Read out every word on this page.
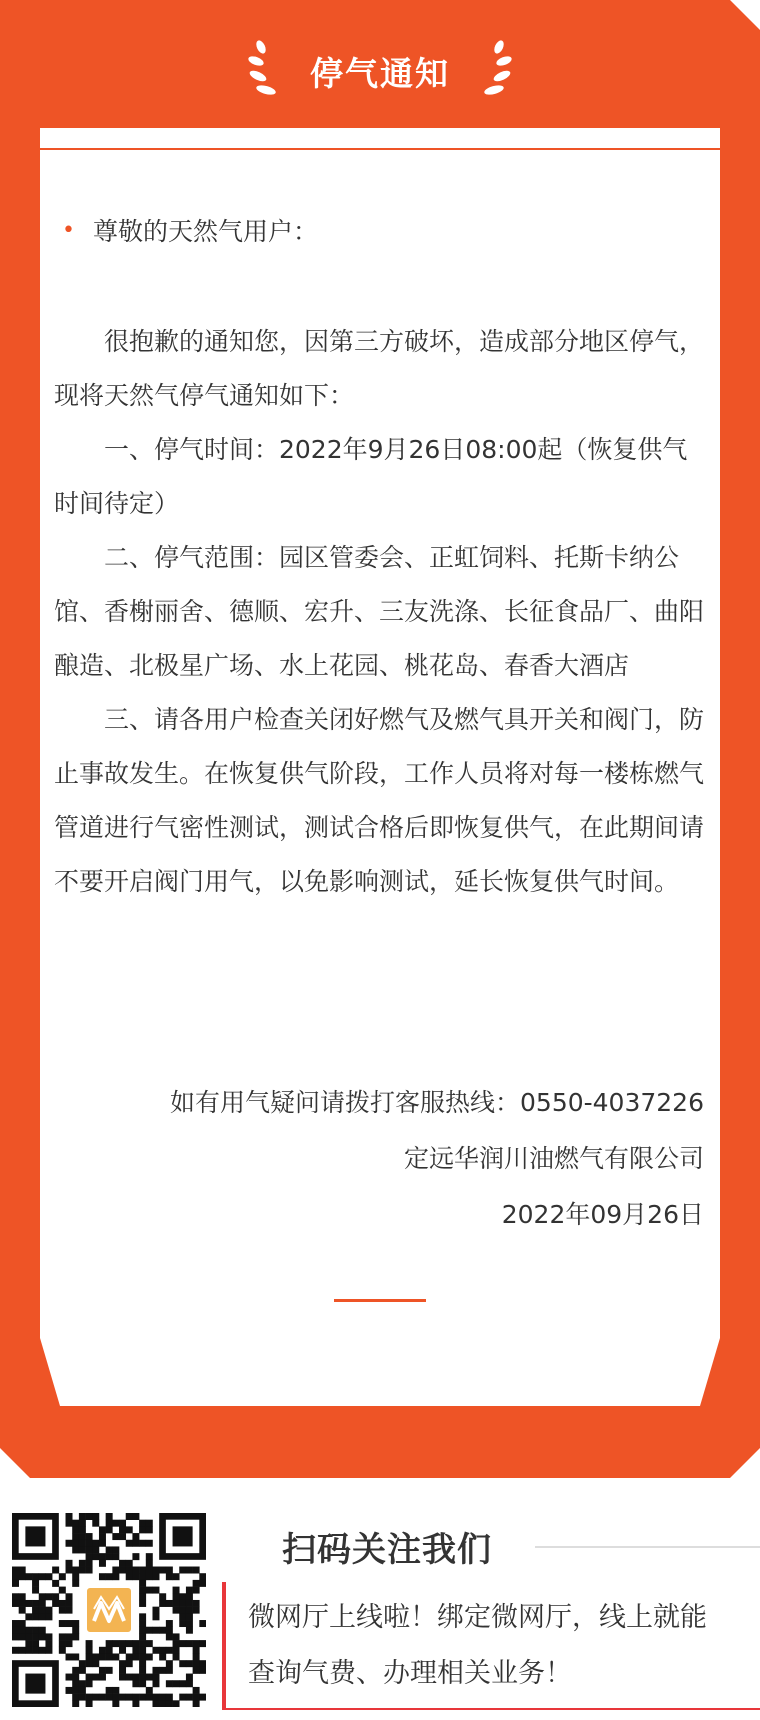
停气通知
• 尊敬的天然气用户：

很抱歉的通知您，因第三方破坏，造成部分地区停气，现将天然气停气通知如下：

一、停气时间：2022年9月26日08:00起（恢复供气时间待定）

二、停气范围：园区管委会、正虹饲料、托斯卡纳公馆、香榭丽舍、德顺、宏升、三友洗涤、长征食品厂、曲阳酿造、北极星广场、水上花园、桃花岛、春香大酒店

三、请各用户检查关闭好燃气及燃气具开关和阀门，防止事故发生。在恢复供气阶段，工作人员将对每一楼栋燃气管道进行气密性测试，测试合格后即恢复供气，在此期间请不要开启阀门用气，以免影响测试，延长恢复供气时间。

如有用气疑问请拨打客服热线：0550-4037226
定远华润川油燃气有限公司
2022年09月26日
扫码关注我们
微网厅上线啦！绑定微网厅，线上就能查询气费、办理相关业务！
